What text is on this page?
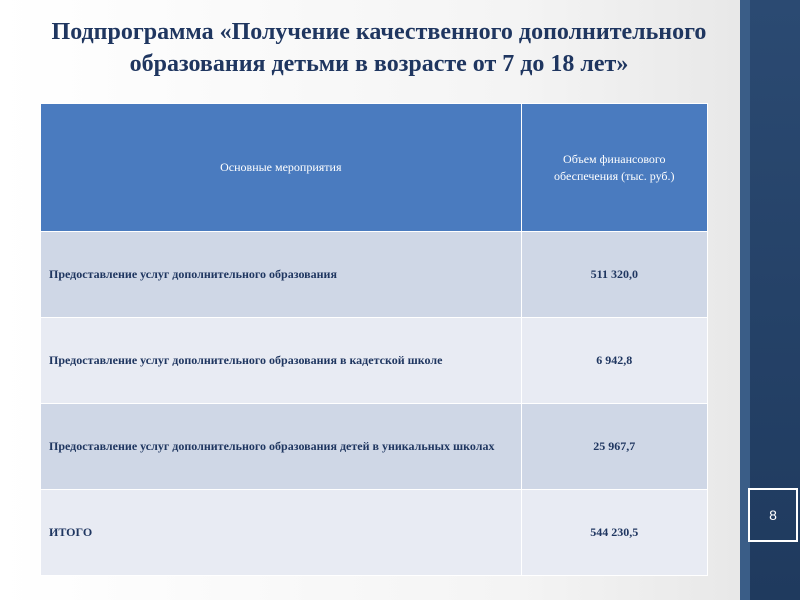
8
Подпрограмма «Получение качественного дополнительного образования детьми в возрасте от 7 до 18 лет»
Основные мероприятия	Объем финансового обеспечения (тыс. руб.)
Предоставление услуг дополнительного образования	511 320,0
Предоставление услуг дополнительного образования в кадетской школе	6 942,8
Предоставление услуг дополнительного образования детей в уникальных школах	25 967,7
ИТОГО	544 230,5
